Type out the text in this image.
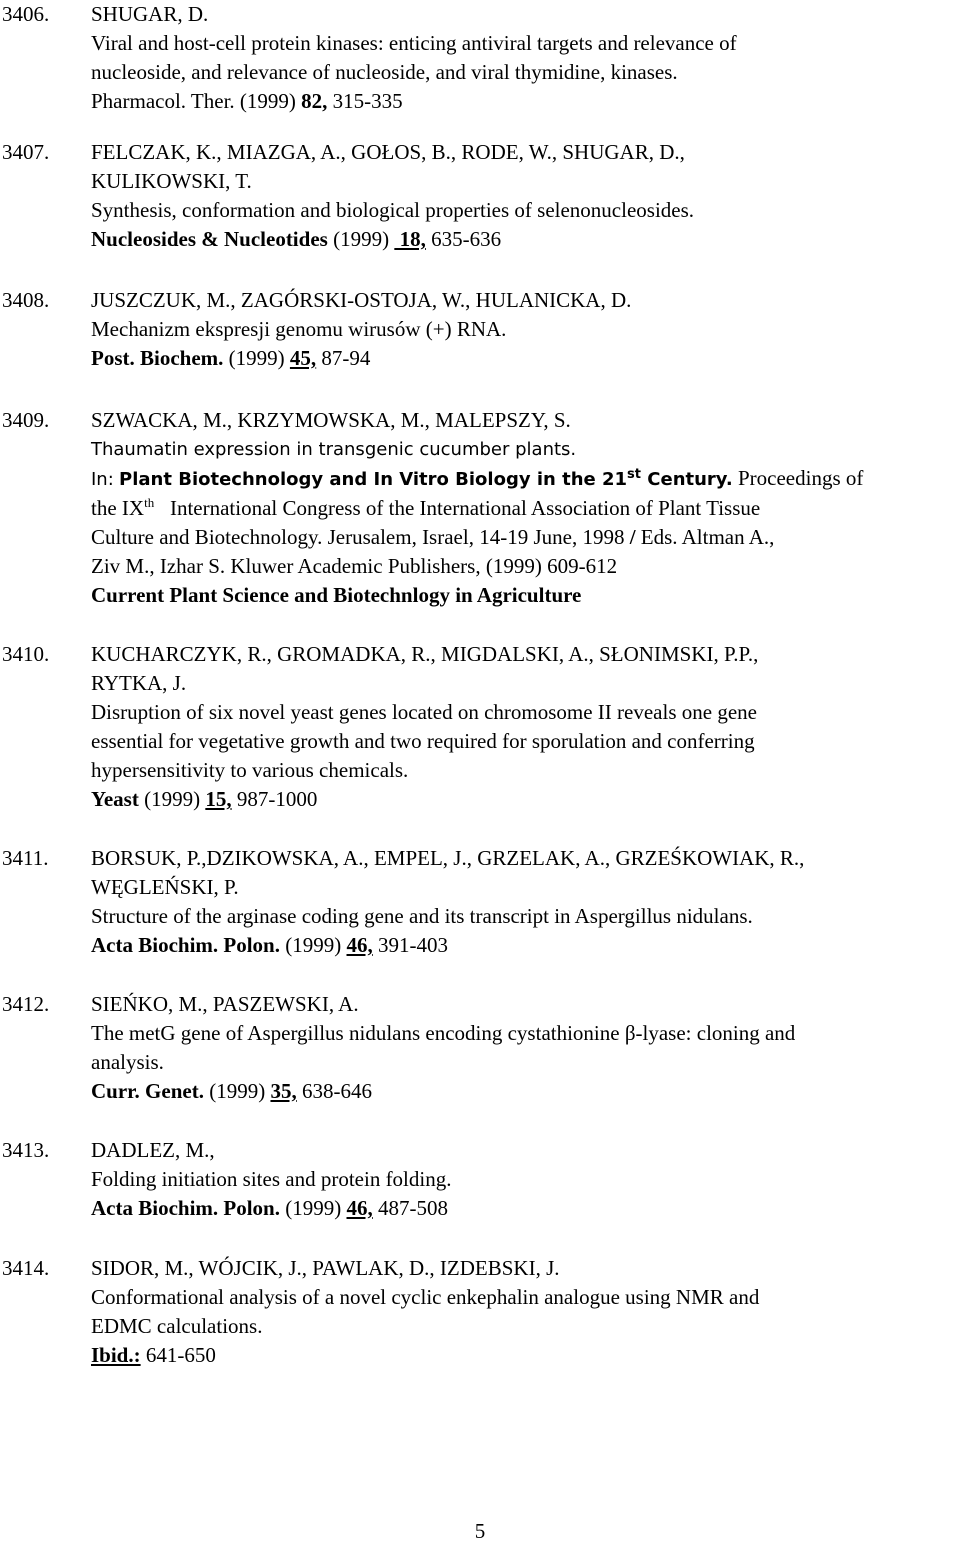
3406. SHUGAR, D.
Viral and host-cell protein kinases: enticing antiviral targets and relevance of
nucleoside, and relevance of nucleoside, and viral thymidine, kinases.
Pharmacol. Ther. (1999) 82, 315-335
3407. FELCZAK, K., MIAZGA, A., GOŁOS, B., RODE, W., SHUGAR, D.,
KULIKOWSKI, T.
Synthesis, conformation and biological properties of selenonucleosides.
Nucleosides & Nucleotides (1999)  18, 635-636
3408. JUSZCZUK, M., ZAGÓRSKI-OSTOJA, W., HULANICKA, D.
Mechanizm ekspresji genomu wirusów (+) RNA.
Post. Biochem. (1999) 45, 87-94
3409. SZWACKA, M., KRZYMOWSKA, M., MALEPSZY, S.
Thaumatin expression in transgenic cucumber plants.
In: Plant Biotechnology and In Vitro Biology in the 21st Century. Proceedings of
the IXth International Congress of the International Association of Plant Tissue
Culture and Biotechnology. Jerusalem, Israel, 14-19 June, 1998 / Eds. Altman A.,
Ziv M., Izhar S. Kluwer Academic Publishers, (1999) 609-612
Current Plant Science and Biotechnlogy in Agriculture
3410. KUCHARCZYK, R., GROMADKA, R., MIGDALSKI, A., SŁONIMSKI, P.P.,
RYTKA, J.
Disruption of six novel yeast genes located on chromosome II reveals one gene
essential for vegetative growth and two required for sporulation and conferring
hypersensitivity to various chemicals.
Yeast (1999) 15, 987-1000
3411. BORSUK, P.,DZIKOWSKA, A., EMPEL, J., GRZELAK, A., GRZEŚKOWIAK, R.,
WĘGLEŃSKI, P.
Structure of the arginase coding gene and its transcript in Aspergillus nidulans.
Acta Biochim. Polon. (1999) 46, 391-403
3412. SIEŃKO, M., PASZEWSKI, A.
The metG gene of Aspergillus nidulans encoding cystathionine β-lyase: cloning and
analysis.
Curr. Genet. (1999) 35, 638-646
3413. DADLEZ, M.,
Folding initiation sites and protein folding.
Acta Biochim. Polon. (1999) 46, 487-508
3414. SIDOR, M., WÓJCIK, J., PAWLAK, D., IZDEBSKI, J.
Conformational analysis of a novel cyclic enkephalin analogue using NMR and
EDMC calculations.
Ibid.: 641-650
5
